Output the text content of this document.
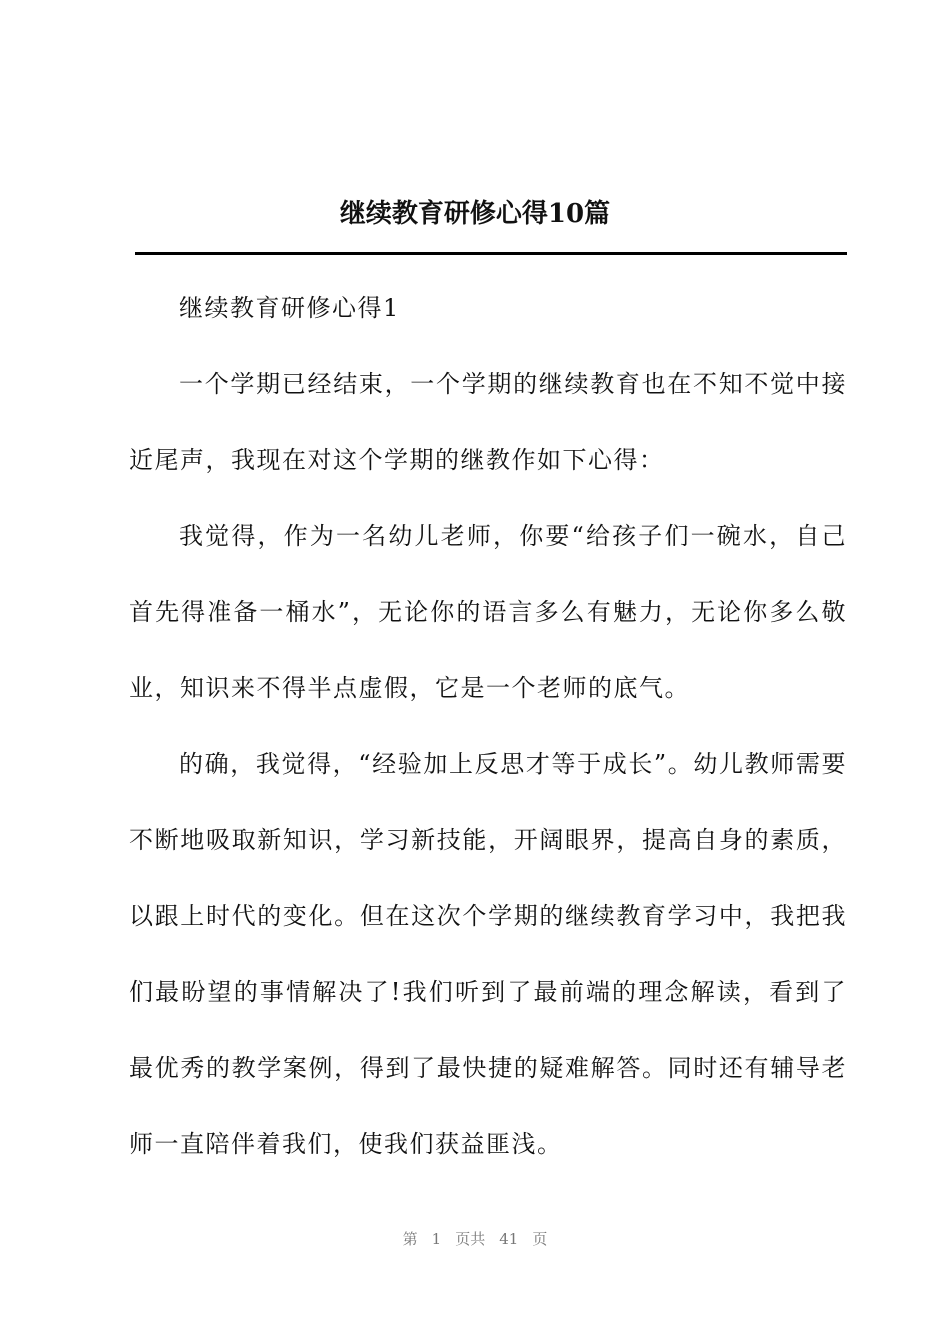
继续教育研修心得10篇

继续教育研修心得1

一个学期已经结束，一个学期的继续教育也在不知不觉中接近尾声，我现在对这个学期的继教作如下心得：

我觉得，作为一名幼儿老师，你要“给孩子们一碗水，自己首先得准备一桶水”，无论你的语言多么有魅力，无论你多么敬业，知识来不得半点虚假，它是一个老师的底气。

的确，我觉得，“经验加上反思才等于成长”。幼儿教师需要不断地吸取新知识，学习新技能，开阔眼界，提高自身的素质，以跟上时代的变化。但在这次个学期的继续教育学习中，我把我们最盼望的事情解决了!我们听到了最前端的理念解读，看到了最优秀的教学案例，得到了最快捷的疑难解答。同时还有辅导老师一直陪伴着我们，使我们获益匪浅。

第 1 页共 41 页
